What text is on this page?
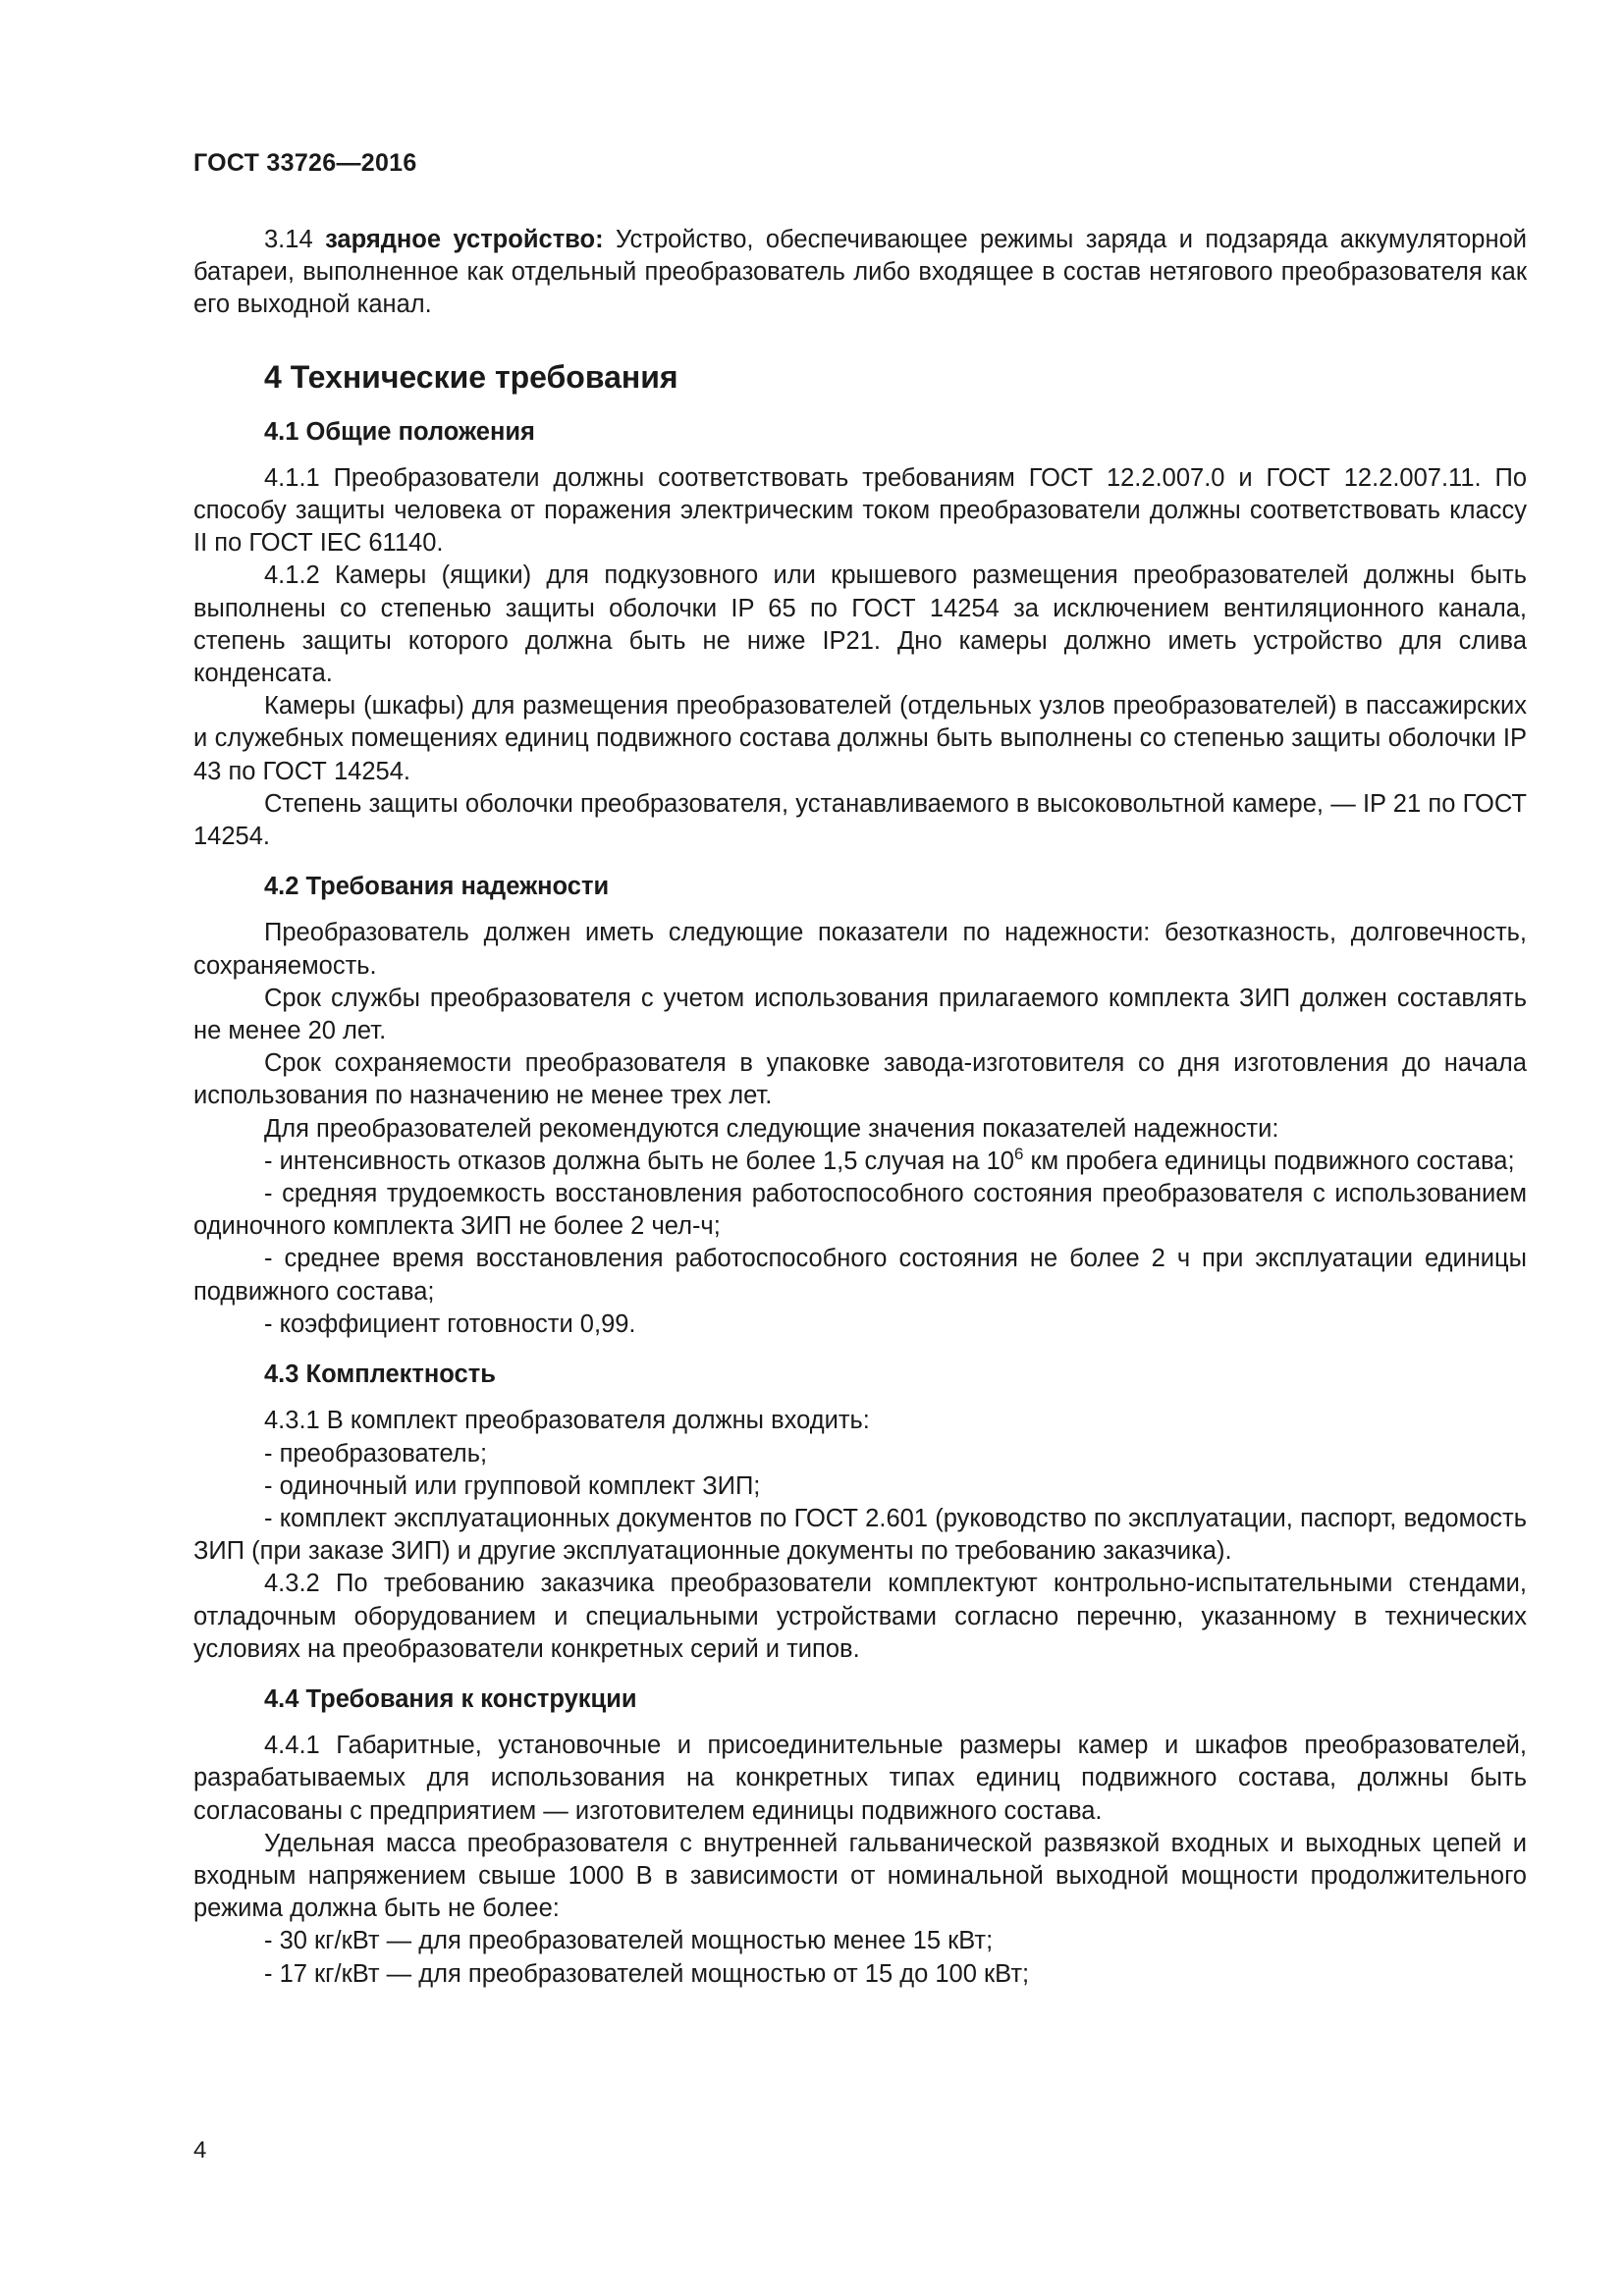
ГОСТ 33726—2016

3.14 зарядное устройство: Устройство, обеспечивающее режимы заряда и подзаряда аккумуляторной батареи, выполненное как отдельный преобразователь либо входящее в состав нетягового преобразователя как его выходной канал.

4 Технические требования
4.1 Общие положения

4.1.1 Преобразователи должны соответствовать требованиям ГОСТ 12.2.007.0 и ГОСТ 12.2.007.11. По способу защиты человека от поражения электрическим током преобразователи должны соответствовать классу II по ГОСТ IEC 61140.

4.1.2 Камеры (ящики) для подкузовного или крышевого размещения преобразователей должны быть выполнены со степенью защиты оболочки IP 65 по ГОСТ 14254 за исключением вентиляционного канала, степень защиты которого должна быть не ниже IP21. Дно камеры должно иметь устройство для слива конденсата.

Камеры (шкафы) для размещения преобразователей (отдельных узлов преобразователей) в пассажирских и служебных помещениях единиц подвижного состава должны быть выполнены со степенью защиты оболочки IP 43 по ГОСТ 14254.

Степень защиты оболочки преобразователя, устанавливаемого в высоковольтной камере, — IP 21 по ГОСТ 14254.

4.2 Требования надежности

Преобразователь должен иметь следующие показатели по надежности: безотказность, долговечность, сохраняемость.

Срок службы преобразователя с учетом использования прилагаемого комплекта ЗИП должен составлять не менее 20 лет.

Срок сохраняемости преобразователя в упаковке завода-изготовителя со дня изготовления до начала использования по назначению не менее трех лет.

Для преобразователей рекомендуются следующие значения показателей надежности:

- интенсивность отказов должна быть не более 1,5 случая на $10^6$ км пробега единицы подвижного состава;

- средняя трудоемкость восстановления работоспособного состояния преобразователя с использованием одиночного комплекта ЗИП не более 2 чел-ч;

- среднее время восстановления работоспособного состояния не более 2 ч при эксплуатации единицы подвижного состава;

- коэффициент готовности 0,99.

4.3 Комплектность

4.3.1 В комплект преобразователя должны входить:

- преобразователь;

- одиночный или групповой комплект ЗИП;

- комплект эксплуатационных документов по ГОСТ 2.601 (руководство по эксплуатации, паспорт, ведомость ЗИП (при заказе ЗИП) и другие эксплуатационные документы по требованию заказчика).

4.3.2 По требованию заказчика преобразователи комплектуют контрольно-испытательными стендами, отладочным оборудованием и специальными устройствами согласно перечню, указанному в технических условиях на преобразователи конкретных серий и типов.

4.4 Требования к конструкции

4.4.1 Габаритные, установочные и присоединительные размеры камер и шкафов преобразователей, разрабатываемых для использования на конкретных типах единиц подвижного состава, должны быть согласованы с предприятием — изготовителем единицы подвижного состава.

Удельная масса преобразователя с внутренней гальванической развязкой входных и выходных цепей и входным напряжением свыше 1000 В в зависимости от номинальной выходной мощности продолжительного режима должна быть не более:

- 30 кг/кВт — для преобразователей мощностью менее 15 кВт;

- 17 кг/кВт — для преобразователей мощностью от 15 до 100 кВт;

4
